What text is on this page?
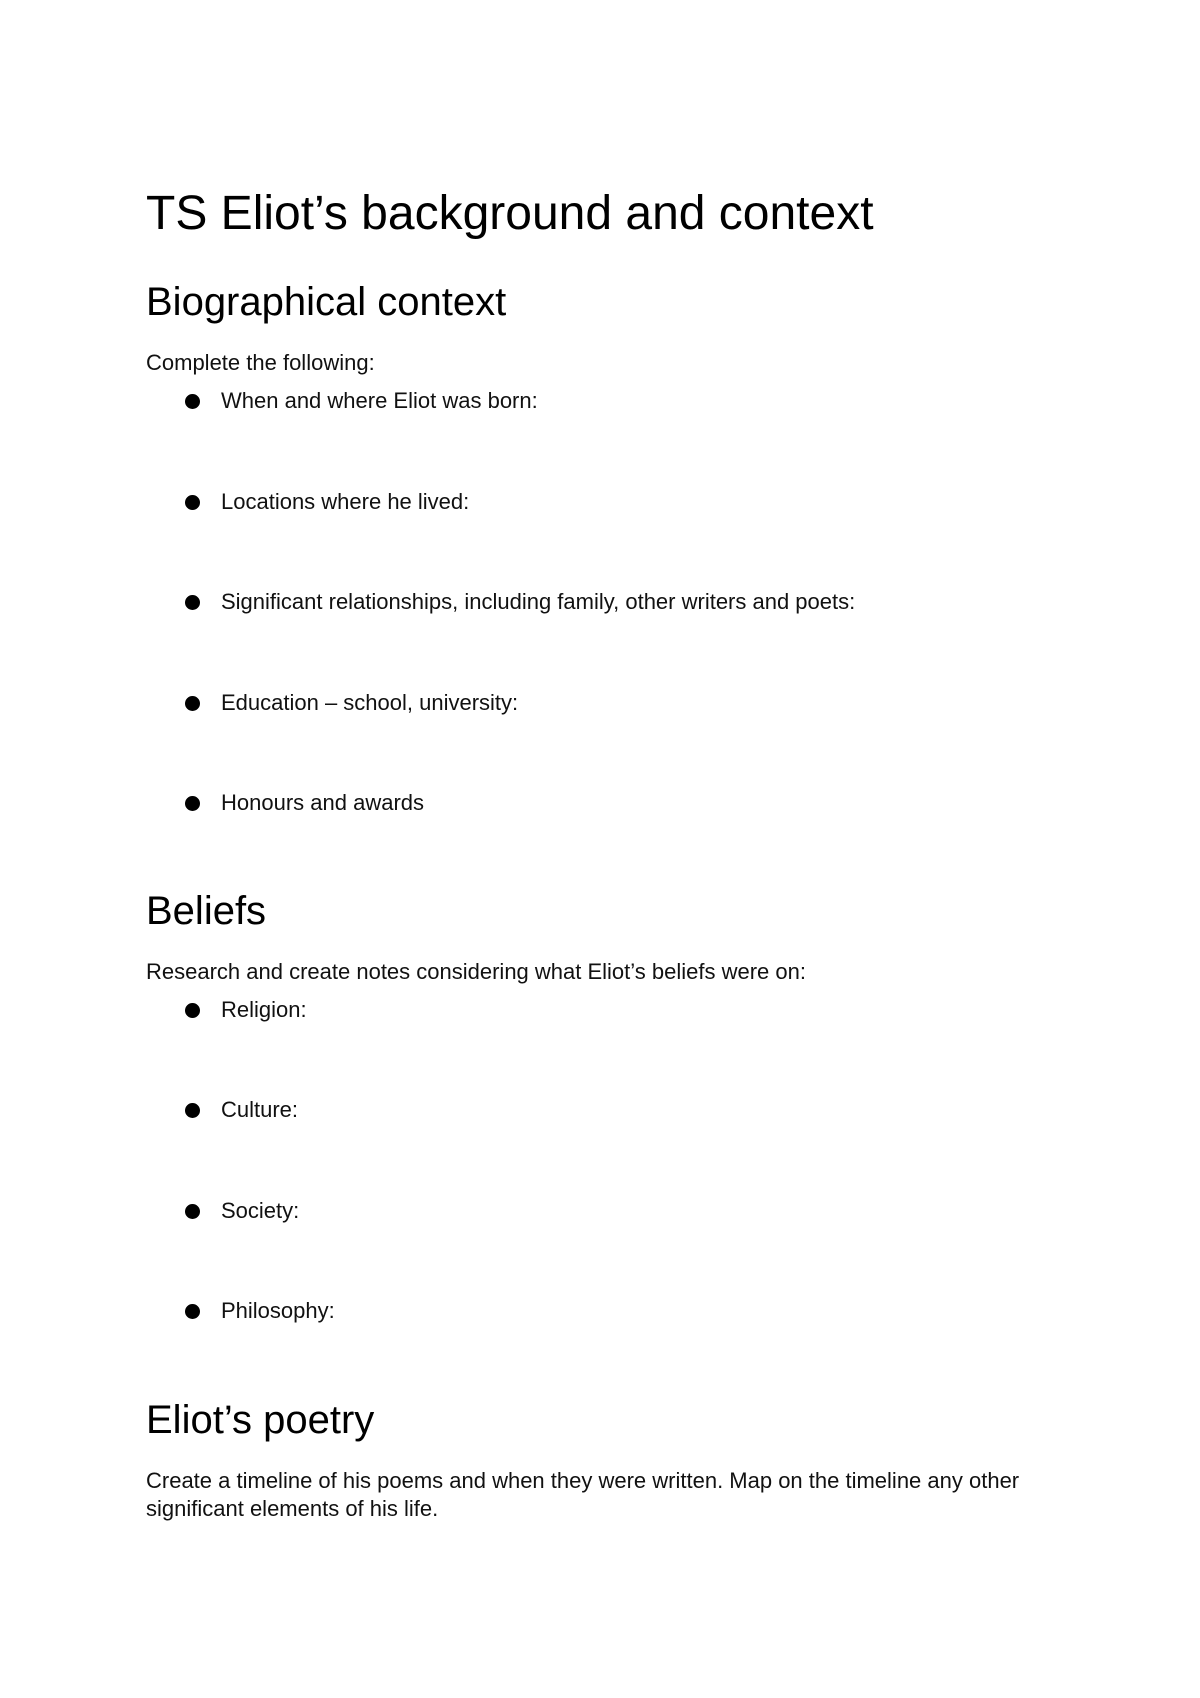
TS Eliot’s background and context
Biographical context

Complete the following:

When and where Eliot was born:
Locations where he lived:
Significant relationships, including family, other writers and poets:
Education – school, university:
Honours and awards
Beliefs

Research and create notes considering what Eliot’s beliefs were on:

Religion:
Culture:
Society:
Philosophy:
Eliot’s poetry

Create a timeline of his poems and when they were written. Map on the timeline any other significant elements of his life.
